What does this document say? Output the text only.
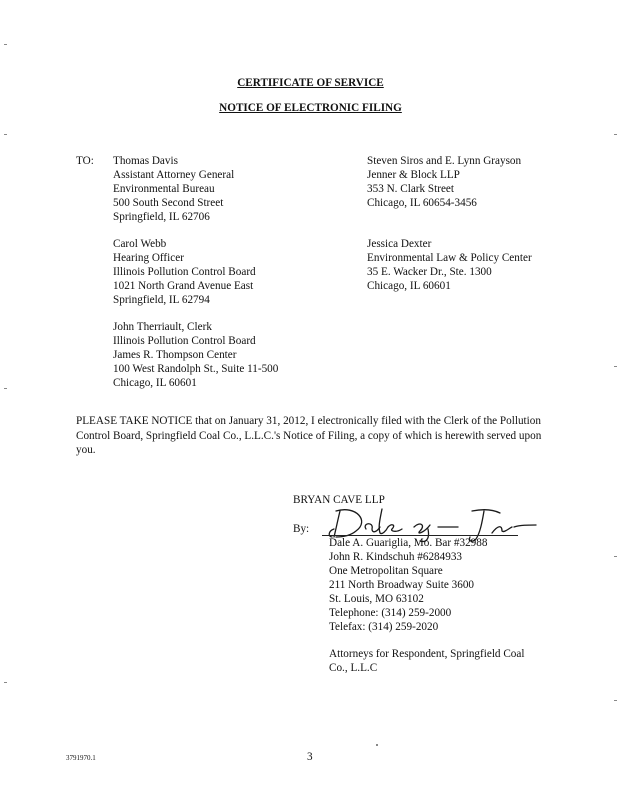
CERTIFICATE OF SERVICE
NOTICE OF ELECTRONIC FILING
TO: Thomas Davis
Assistant Attorney General
Environmental Bureau
500 South Second Street
Springfield, IL 62706
Steven Siros and E. Lynn Grayson
Jenner & Block LLP
353 N. Clark Street
Chicago, IL 60654-3456
Carol Webb
Hearing Officer
Illinois Pollution Control Board
1021 North Grand Avenue East
Springfield, IL 62794
Jessica Dexter
Environmental Law & Policy Center
35 E. Wacker Dr., Ste. 1300
Chicago, IL 60601
John Therriault, Clerk
Illinois Pollution Control Board
James R. Thompson Center
100 West Randolph St., Suite 11-500
Chicago, IL 60601
PLEASE TAKE NOTICE that on January 31, 2012, I electronically filed with the Clerk of the Pollution Control Board, Springfield Coal Co., L.L.C.'s Notice of Filing, a copy of which is herewith served upon you.
BRYAN CAVE LLP
By:
Dale A. Guariglia, Mo. Bar #32988
John R. Kindschuh #6284933
One Metropolitan Square
211 North Broadway Suite 3600
St. Louis, MO 63102
Telephone: (314) 259-2000
Telefax: (314) 259-2020
Attorneys for Respondent, Springfield Coal
Co., L.L.C
3791970.1	3
